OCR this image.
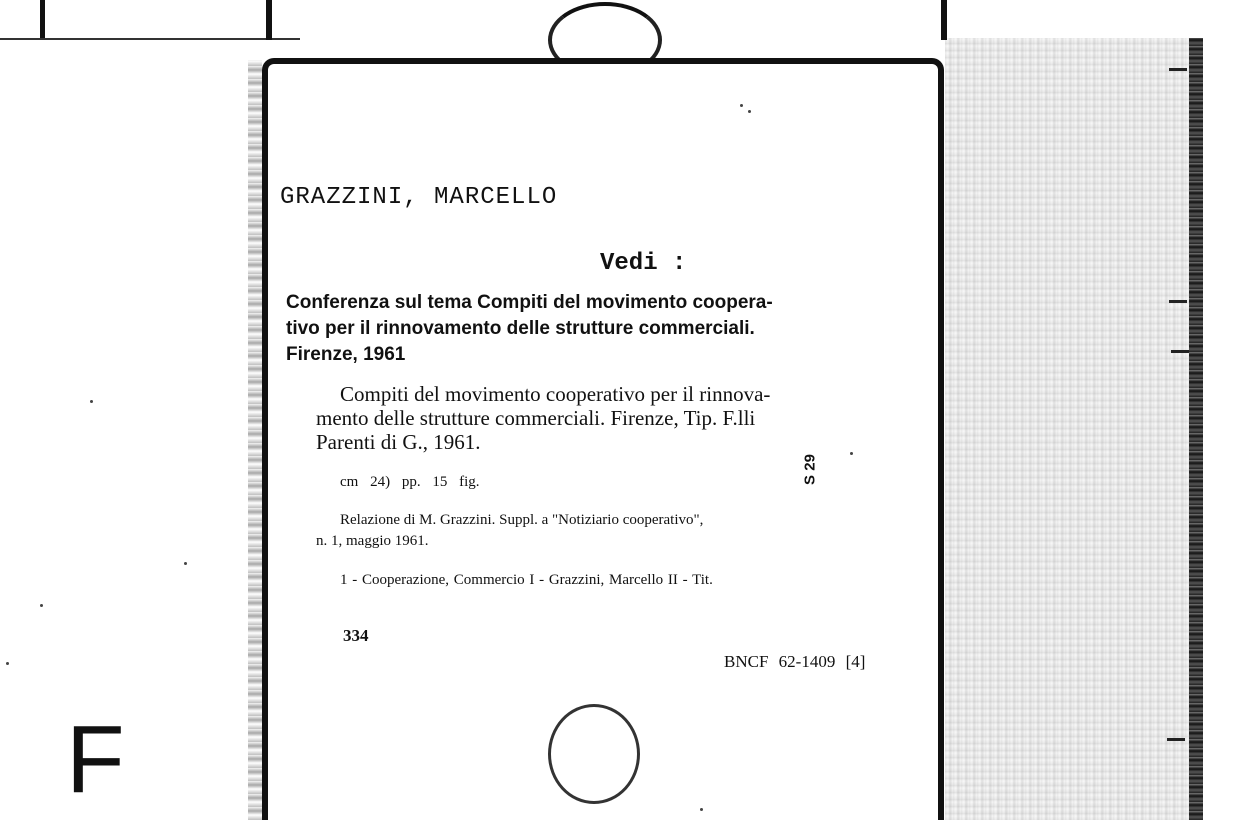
GRAZZINI, MARCELLO
Vedi :
Conferenza sul tema Compiti del movimento coopera-
tivo per il rinnovamento delle strutture commerciali.
Firenze, 1961
Compiti del movimento cooperativo per il rinnova-
mento delle strutture commerciali. Firenze, Tip. F.lli
Parenti di G., 1961.
cm 24) pp. 15 fig.	S 29
Relazione di M. Grazzini. Suppl. a "Notiziario cooperativo",
n. 1, maggio 1961.
1 - Cooperazione, Commercio I - Grazzini, Marcello II - Tit.
334
BNCF 62-1409 [4]
F
